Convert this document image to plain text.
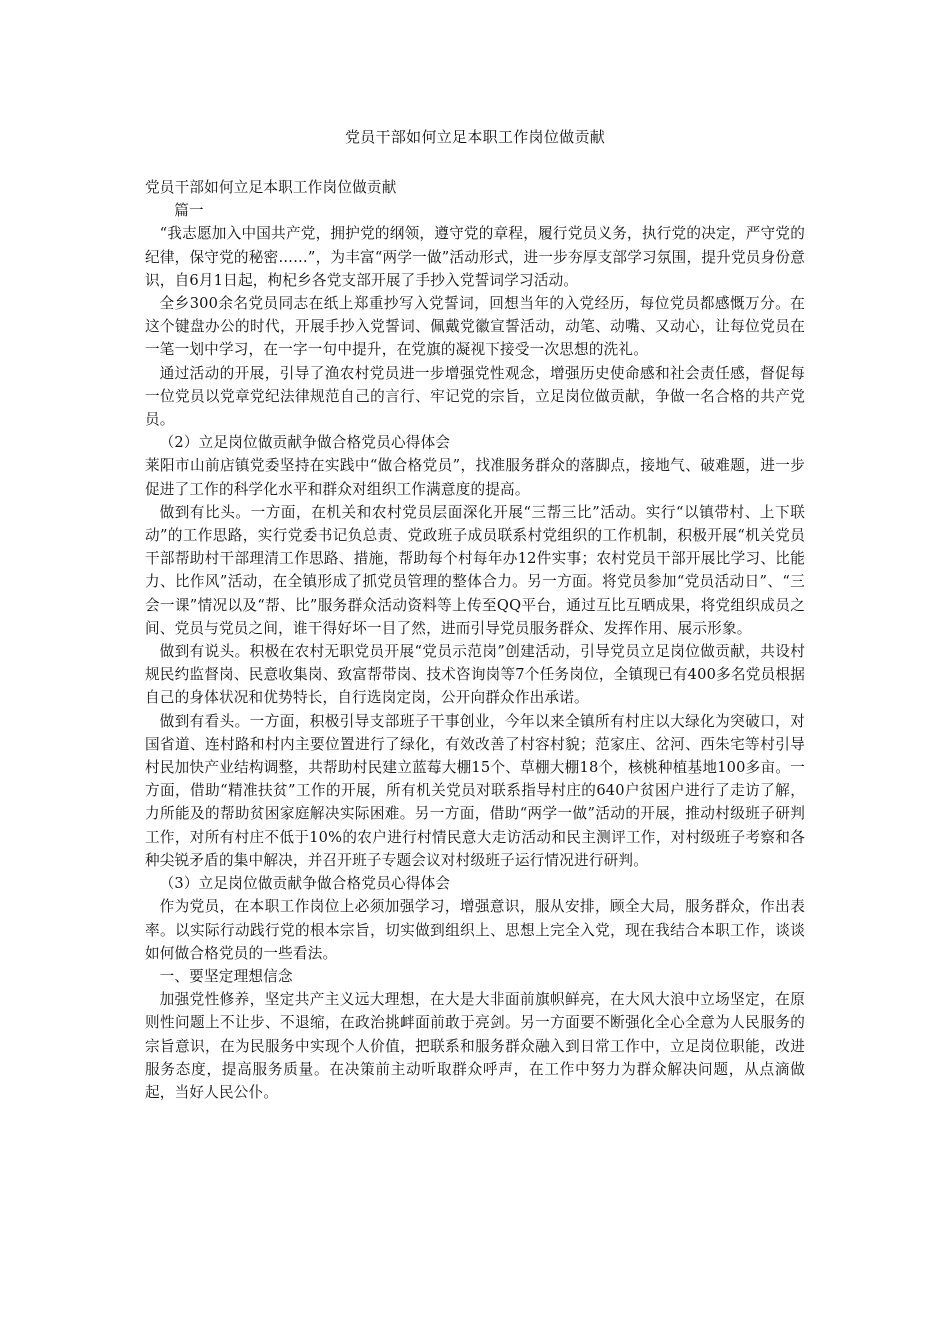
党员干部如何立足本职工作岗位做贡献

党员干部如何立足本职工作岗位做贡献

篇一

“我志愿加入中国共产党，拥护党的纲领，遵守党的章程，履行党员义务，执行党的决定，严守党的纪律，保守党的秘密……”，为丰富“两学一做”活动形式，进一步夯厚支部学习氛围，提升党员身份意识，自6月1日起，枸杞乡各党支部开展了手抄入党誓词学习活动。

全乡300余名党员同志在纸上郑重抄写入党誓词，回想当年的入党经历，每位党员都感慨万分。在这个键盘办公的时代，开展手抄入党誓词、佩戴党徽宣誓活动，动笔、动嘴、又动心，让每位党员在一笔一划中学习，在一字一句中提升，在党旗的凝视下接受一次思想的洗礼。

通过活动的开展，引导了渔农村党员进一步增强党性观念，增强历史使命感和社会责任感，督促每一位党员以党章党纪法律规范自己的言行、牢记党的宗旨，立足岗位做贡献，争做一名合格的共产党员。

（2）立足岗位做贡献争做合格党员心得体会

莱阳市山前店镇党委坚持在实践中“做合格党员”，找准服务群众的落脚点，接地气、破难题，进一步促进了工作的科学化水平和群众对组织工作满意度的提高。

做到有比头。一方面，在机关和农村党员层面深化开展“三帮三比”活动。实行“以镇带村、上下联动”的工作思路，实行党委书记负总责、党政班子成员联系村党组织的工作机制，积极开展“机关党员干部帮助村干部理清工作思路、措施，帮助每个村每年办12件实事；农村党员干部开展比学习、比能力、比作风”活动，在全镇形成了抓党员管理的整体合力。另一方面。将党员参加“党员活动日”、“三会一课”情况以及“帮、比”服务群众活动资料等上传至QQ平台，通过互比互晒成果，将党组织成员之间、党员与党员之间，谁干得好坏一目了然，进而引导党员服务群众、发挥作用、展示形象。

做到有说头。积极在农村无职党员开展“党员示范岗”创建活动，引导党员立足岗位做贡献，共设村规民约监督岗、民意收集岗、致富帮带岗、技术咨询岗等7个任务岗位，全镇现已有400多名党员根据自己的身体状况和优势特长，自行选岗定岗，公开向群众作出承诺。

做到有看头。一方面，积极引导支部班子干事创业，今年以来全镇所有村庄以大绿化为突破口，对国省道、连村路和村内主要位置进行了绿化，有效改善了村容村貌；范家庄、岔河、西朱宅等村引导村民加快产业结构调整，共帮助村民建立蓝莓大棚15个、草棚大棚18个，核桃种植基地100多亩。一方面，借助“精准扶贫”工作的开展，所有机关党员对联系指导村庄的640户贫困户进行了走访了解，力所能及的帮助贫困家庭解决实际困难。另一方面，借助“两学一做”活动的开展，推动村级班子研判工作，对所有村庄不低于10%的农户进行村情民意大走访活动和民主测评工作，对村级班子考察和各种尖锐矛盾的集中解决，并召开班子专题会议对村级班子运行情况进行研判。

（3）立足岗位做贡献争做合格党员心得体会

作为党员，在本职工作岗位上必须加强学习，增强意识，服从安排，顾全大局，服务群众，作出表率。以实际行动践行党的根本宗旨，切实做到组织上、思想上完全入党，现在我结合本职工作，谈谈如何做合格党员的一些看法。

一、要坚定理想信念

加强党性修养，坚定共产主义远大理想，在大是大非面前旗帜鲜亮，在大风大浪中立场坚定，在原则性问题上不让步、不退缩，在政治挑衅面前敢于亮剑。另一方面要不断强化全心全意为人民服务的宗旨意识，在为民服务中实现个人价值，把联系和服务群众融入到日常工作中，立足岗位职能，改进服务态度，提高服务质量。在决策前主动听取群众呼声，在工作中努力为群众解决问题，从点滴做起，当好人民公仆。
